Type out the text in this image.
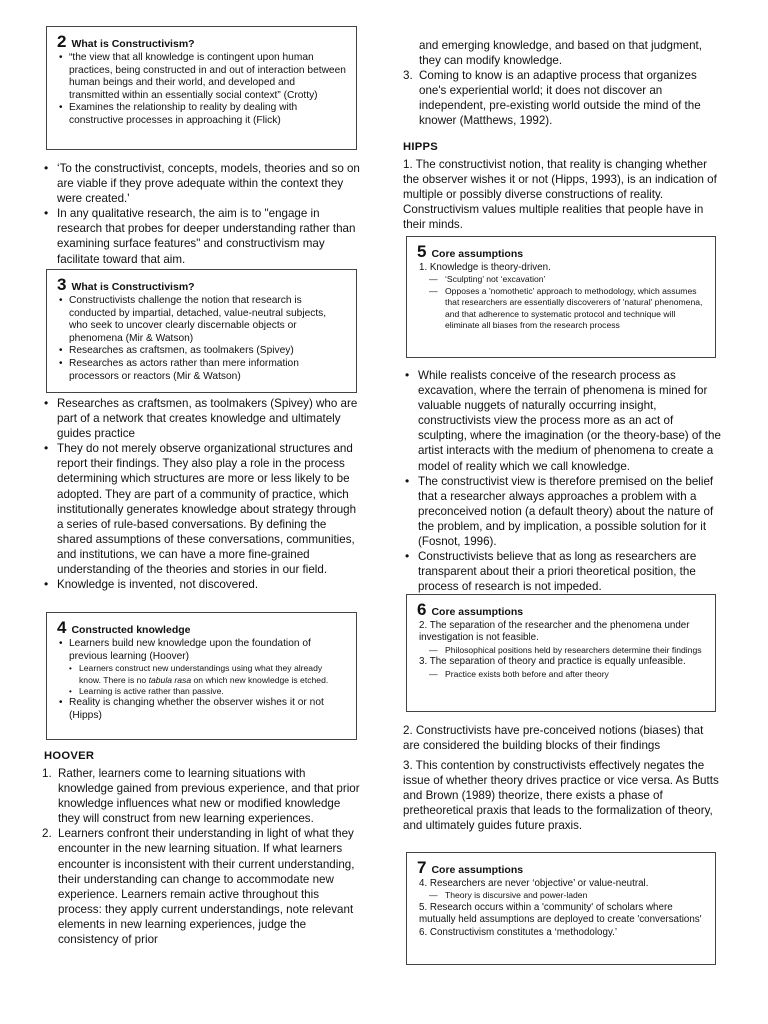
2 What is Constructivism?
• “the view that all knowledge is contingent upon human practices, being constructed in and out of interaction between human beings and their world, and developed and transmitted within an essentially social context” (Crotty)
• Examines the relationship to reality by dealing with constructive processes in approaching it (Flick)
• ‘To the constructivist, concepts, models, theories and so on are viable if they prove adequate within the context they were created.'
• In any qualitative research, the aim is to "engage in research that probes for deeper understanding rather than examining surface features" and constructivism may facilitate toward that aim.
3 What is Constructivism?
• Constructivists challenge the notion that research is conducted by impartial, detached, value-neutral subjects, who seek to uncover clearly discernable objects or phenomena (Mir & Watson)
• Researches as craftsmen, as toolmakers (Spivey)
• Researches as actors rather than mere information processors or reactors (Mir & Watson)
• Researches as craftsmen, as toolmakers (Spivey) who are part of a network that creates knowledge and ultimately guides practice
• They do not merely observe organizational structures and report their findings. They also play a role in the process determining which structures are more or less likely to be adopted. They are part of a community of practice, which institutionally generates knowledge about strategy through a series of rule-based conversations. By defining the shared assumptions of these conversations, communities, and institutions, we can have a more fine-grained understanding of the theories and stories in our field.
• Knowledge is invented, not discovered.
4 Constructed knowledge
• Learners build new knowledge upon the foundation of previous learning (Hoover)
• Learners construct new understandings using what they already know. There is no tabula rasa on which new knowledge is etched.
• Learning is active rather than passive.
• Reality is changing whether the observer wishes it or not (Hipps)
HOOVER
1. Rather, learners come to learning situations with knowledge gained from previous experience, and that prior knowledge influences what new or modified knowledge they will construct from new learning experiences.
2. Learners confront their understanding in light of what they encounter in the new learning situation. If what learners encounter is inconsistent with their current understanding, their understanding can change to accommodate new experience. Learners remain active throughout this process: they apply current understandings, note relevant elements in new learning experiences, judge the consistency of prior
and emerging knowledge, and based on that judgment, they can modify knowledge.
3. Coming to know is an adaptive process that organizes one's experiential world; it does not discover an independent, pre-existing world outside the mind of the knower (Matthews, 1992).
HIPPS
1. The constructivist notion, that reality is changing whether the observer wishes it or not (Hipps, 1993), is an indication of multiple or possibly diverse constructions of reality. Constructivism values multiple realities that people have in their minds.
5 Core assumptions
1. Knowledge is theory-driven.
— ‘Sculpting’ not ‘excavation’
— Opposes a 'nomothetic' approach to methodology, which assumes that researchers are essentially discoverers of 'natural' phenomena, and that adherence to systematic protocol and technique will eliminate all biases from the research process
• While realists conceive of the research process as excavation, where the terrain of phenomena is mined for valuable nuggets of naturally occurring insight, constructivists view the process more as an act of sculpting, where the imagination (or the theory-base) of the artist interacts with the medium of phenomena to create a model of reality which we call knowledge.
• The constructivist view is therefore premised on the belief that a researcher always approaches a problem with a preconceived notion (a default theory) about the nature of the problem, and by implication, a possible solution for it (Fosnot, 1996).
• Constructivists believe that as long as researchers are transparent about their a priori theoretical position, the process of research is not impeded.
6 Core assumptions
2. The separation of the researcher and the phenomena under investigation is not feasible.
— Philosophical positions held by researchers determine their findings
3. The separation of theory and practice is equally unfeasible.
— Practice exists both before and after theory
2. Constructivists have pre-conceived notions (biases) that are considered the building blocks of their findings
3. This contention by constructivists effectively negates the issue of whether theory drives practice or vice versa. As Butts and Brown (1989) theorize, there exists a phase of pretheoretical praxis that leads to the formalization of theory, and ultimately guides future praxis.
7 Core assumptions
4. Researchers are never ‘objective’ or value-neutral.
— Theory is discursive and power-laden
5. Research occurs within a 'community' of scholars where mutually held assumptions are deployed to create 'conversations'
6. Constructivism constitutes a ‘methodology.’
